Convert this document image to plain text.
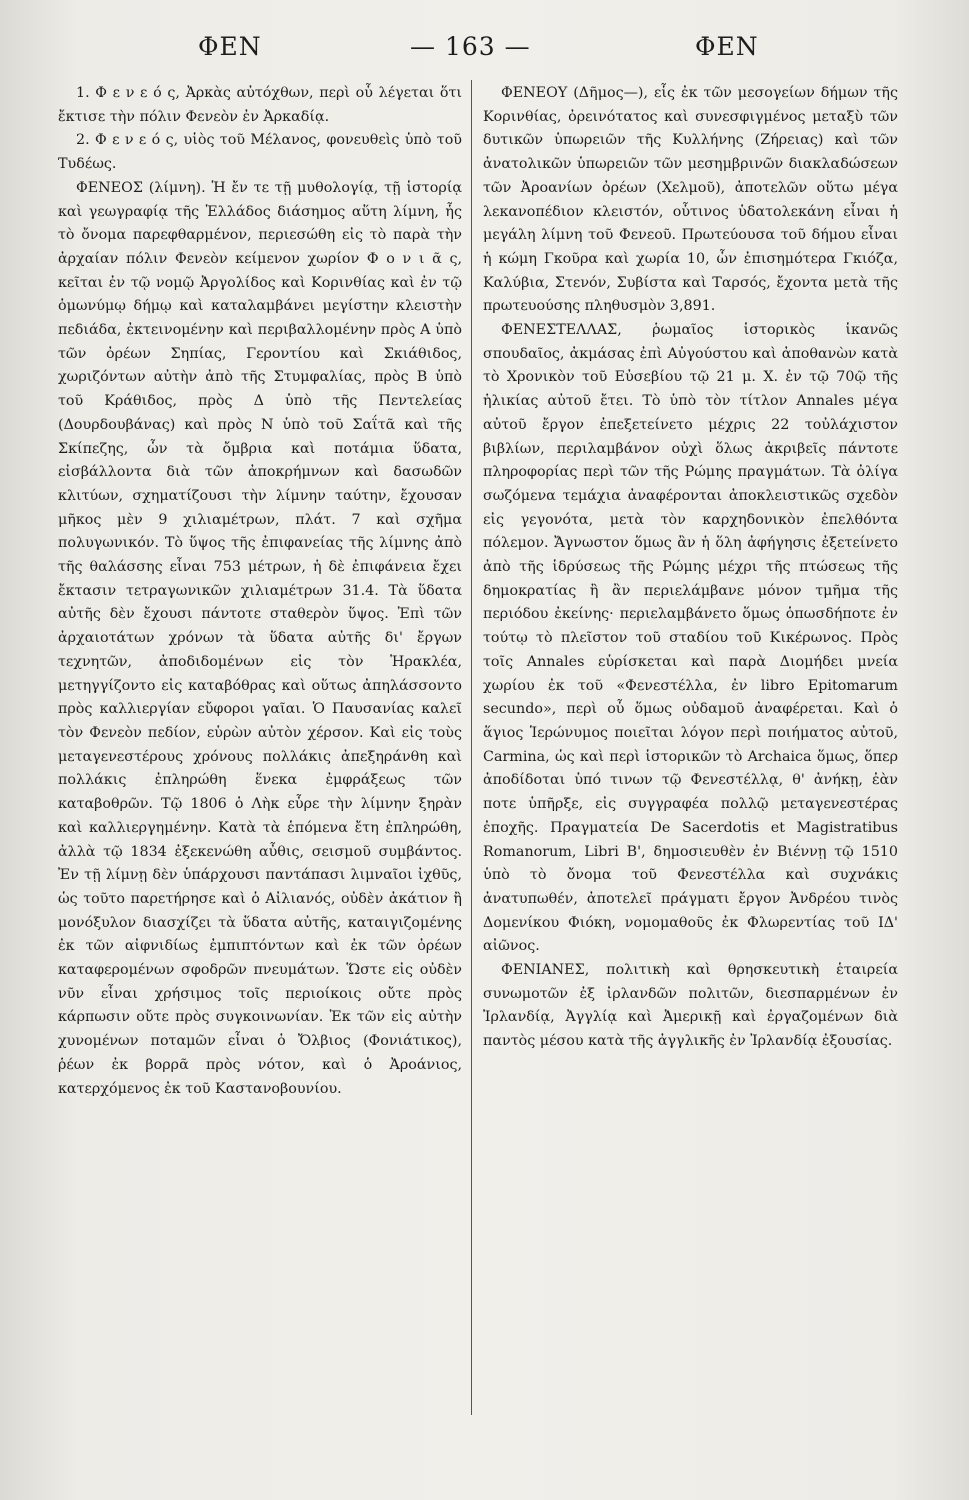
ΦΕΝ	— 163 —	ΦΕΝ

1. Φ ε ν ε ό ς, Ἀρκὰς αὐτόχθων, περὶ οὗ λέγεται ὅτι ἔκτισε τὴν πόλιν Φενεὸν ἐν Ἀρκαδίᾳ.

2. Φ ε ν ε ό ς, υἱὸς τοῦ Μέλανος, φονευθεὶς ὑπὸ τοῦ Τυδέως.

ΦΕΝΕΟΣ (λίμνη). Ἡ ἔν τε τῇ μυθολογίᾳ, τῇ ἱστορίᾳ καὶ γεωγραφίᾳ τῆς Ἑλλάδος διάσημος αὕτη λίμνη, ἧς τὸ ὄνομα παρεφθαρμένον, περιεσώθη εἰς τὸ παρὰ τὴν ἀρχαίαν πόλιν Φενεὸν κείμενον χωρίον Φ ο ν ι ᾶ ς, κεῖται ἐν τῷ νομῷ Ἀργολίδος καὶ Κορινθίας καὶ ἐν τῷ ὁμωνύμῳ δήμῳ καὶ καταλαμβάνει μεγίστην κλειστὴν πεδιάδα, ἐκτεινομένην καὶ περιβαλλομένην πρὸς Α ὑπὸ τῶν ὀρέων Σηπίας, Γεροντίου καὶ Σκιάθιδος, χωριζόντων αὐτὴν ἀπὸ τῆς Στυμφαλίας, πρὸς Β ὑπὸ τοῦ Κράθιδος, πρὸς Δ ὑπὸ τῆς Πεντελείας (Δουρδουβάνας) καὶ πρὸς Ν ὑπὸ τοῦ Σαΐτᾶ καὶ τῆς Σκίπεζης, ὧν τὰ ὄμβρια καὶ ποτάμια ὕδατα, εἰσβάλλοντα διὰ τῶν ἀποκρήμνων καὶ δασωδῶν κλιτύων, σχηματίζουσι τὴν λίμνην ταύτην, ἔχουσαν μῆκος μὲν 9 χιλιαμέτρων, πλάτ. 7 καὶ σχῆμα πολυγωνικόν. Τὸ ὕψος τῆς ἐπιφανείας τῆς λίμνης ἀπὸ τῆς θαλάσσης εἶναι 753 μέτρων, ἡ δὲ ἐπιφάνεια ἔχει ἔκτασιν τετραγωνικῶν χιλιαμέτρων 31.4. Τὰ ὕδατα αὐτῆς δὲν ἔχουσι πάντοτε σταθερὸν ὕψος. Ἐπὶ τῶν ἀρχαιοτάτων χρόνων τὰ ὕδατα αὐτῆς δι' ἔργων τεχνητῶν, ἀποδιδομένων εἰς τὸν Ἡρακλέα, μετηγγίζοντο εἰς καταβόθρας καὶ οὕτως ἀπηλάσσοντο πρὸς καλλιεργίαν εὔφοροι γαῖαι. Ὁ Παυσανίας καλεῖ τὸν Φενεὸν πεδίον, εὑρὼν αὐτὸν χέρσον. Καὶ εἰς τοὺς μεταγενεστέρους χρόνους πολλάκις ἀπεξηράνθη καὶ πολλάκις ἐπληρώθη ἕνεκα ἐμφράξεως τῶν καταβοθρῶν. Τῷ 1806 ὁ Λὴκ εὗρε τὴν λίμνην ξηρὰν καὶ καλλιεργημένην. Κατὰ τὰ ἑπόμενα ἔτη ἐπληρώθη, ἀλλὰ τῷ 1834 ἐξεκενώθη αὖθις, σεισμοῦ συμβάντος. Ἐν τῇ λίμνῃ δὲν ὑπάρχουσι παντάπασι λιμναῖοι ἰχθῦς, ὡς τοῦτο παρετήρησε καὶ ὁ Αἰλιανός, οὐδὲν ἀκάτιον ἢ μονόξυλον διασχίζει τὰ ὕδατα αὐτῆς, καταιγιζομένης ἐκ τῶν αἰφνιδίως ἐμπιπτόντων καὶ ἐκ τῶν ὀρέων καταφερομένων σφοδρῶν πνευμάτων. Ὥστε εἰς οὐδὲν νῦν εἶναι χρήσιμος τοῖς περιοίκοις οὔτε πρὸς κάρπωσιν οὔτε πρὸς συγκοινωνίαν. Ἐκ τῶν εἰς αὐτὴν χυνομένων ποταμῶν εἶναι ὁ Ὄλβιος (Φονιάτικος), ῥέων ἐκ βορρᾶ πρὸς νότον, καὶ ὁ Ἀροάνιος, κατερχόμενος ἐκ τοῦ Καστανοβουνίου.

ΦΕΝΕΟΥ (Δῆμος—), εἷς ἐκ τῶν μεσογείων δήμων τῆς Κορινθίας, ὀρεινότατος καὶ συνεσφιγμένος μεταξὺ τῶν δυτικῶν ὑπωρειῶν τῆς Κυλλήνης (Ζήρειας) καὶ τῶν ἀνατολικῶν ὑπωρειῶν τῶν μεσημβρινῶν διακλαδώσεων τῶν Ἀροανίων ὀρέων (Χελμοῦ), ἀποτελῶν οὕτω μέγα λεκανοπέδιον κλειστόν, οὗτινος ὑδατολεκάνη εἶναι ἡ μεγάλη λίμνη τοῦ Φενεοῦ. Πρωτεύουσα τοῦ δήμου εἶναι ἡ κώμη Γκοῦρα καὶ χωρία 10, ὧν ἐπισημότερα Γκιόζα, Καλύβια, Στενόν, Συβίστα καὶ Ταρσός, ἔχοντα μετὰ τῆς πρωτευούσης πληθυσμὸν 3,891.

ΦΕΝΕΣΤΕΛΛΑΣ, ῥωμαῖος ἱστορικὸς ἱκανῶς σπουδαῖος, ἀκμάσας ἐπὶ Αὐγούστου καὶ ἀποθανὼν κατὰ τὸ Χρονικὸν τοῦ Εὐσεβίου τῷ 21 μ. Χ. ἐν τῷ 70ῷ τῆς ἡλικίας αὐτοῦ ἔτει. Τὸ ὑπὸ τὸν τίτλον Annales μέγα αὐτοῦ ἔργον ἐπεξετείνετο μέχρις 22 τοὐλάχιστον βιβλίων, περιλαμβάνον οὐχὶ ὅλως ἀκριβεῖς πάντοτε πληροφορίας περὶ τῶν τῆς Ρώμης πραγμάτων. Τὰ ὀλίγα σωζόμενα τεμάχια ἀναφέρονται ἀποκλειστικῶς σχεδὸν εἰς γεγονότα, μετὰ τὸν καρχηδονικὸν ἐπελθόντα πόλεμον. Ἄγνωστον ὅμως ἂν ἡ ὅλη ἀφήγησις ἐξετείνετο ἀπὸ τῆς ἱδρύσεως τῆς Ρώμης μέχρι τῆς πτώσεως τῆς δημοκρατίας ἢ ἂν περιελάμβανε μόνον τμῆμα τῆς περιόδου ἐκείνης· περιελαμβάνετο ὅμως ὁπωσδήποτε ἐν τούτῳ τὸ πλεῖστον τοῦ σταδίου τοῦ Κικέρωνος. Πρὸς τοῖς Annales εὑρίσκεται καὶ παρὰ Διομήδει μνεία χωρίου ἐκ τοῦ «Φενεστέλλα, ἐν libro Epitomarum secundo», περὶ οὗ ὅμως οὐδαμοῦ ἀναφέρεται. Καὶ ὁ ἅγιος Ἱερώνυμος ποιεῖται λόγον περὶ ποιήματος αὐτοῦ, Carmina, ὡς καὶ περὶ ἱστορικῶν τὸ Archaica ὅμως, ὅπερ ἀποδίδοται ὑπό τινων τῷ Φενεστέλλᾳ, θ' ἀνήκῃ, ἐὰν ποτε ὑπῆρξε, εἰς συγγραφέα πολλῷ μεταγενεστέρας ἐποχῆς. Πραγματεία De Sacerdotis et Magistratibus Romanorum, Libri Β', δημοσιευθὲν ἐν Βιέννῃ τῷ 1510 ὑπὸ τὸ ὄνομα τοῦ Φενεστέλλα καὶ συχνάκις ἀνατυπωθέν, ἀποτελεῖ πράγματι ἔργον Ἀνδρέου τινὸς Δομενίκου Φιόκη, νομομαθοῦς ἐκ Φλωρεντίας τοῦ ΙΔ' αἰῶνος.

ΦΕΝΙΑΝΕΣ, πολιτικὴ καὶ θρησκευτικὴ ἑταιρεία συνωμοτῶν ἐξ ἰρλανδῶν πολιτῶν, διεσπαρμένων ἐν Ἰρλανδίᾳ, Ἀγγλίᾳ καὶ Ἀμερικῇ καὶ ἐργαζομένων διὰ παντὸς μέσου κατὰ τῆς ἀγγλικῆς ἐν Ἰρλανδίᾳ ἐξουσίας.
